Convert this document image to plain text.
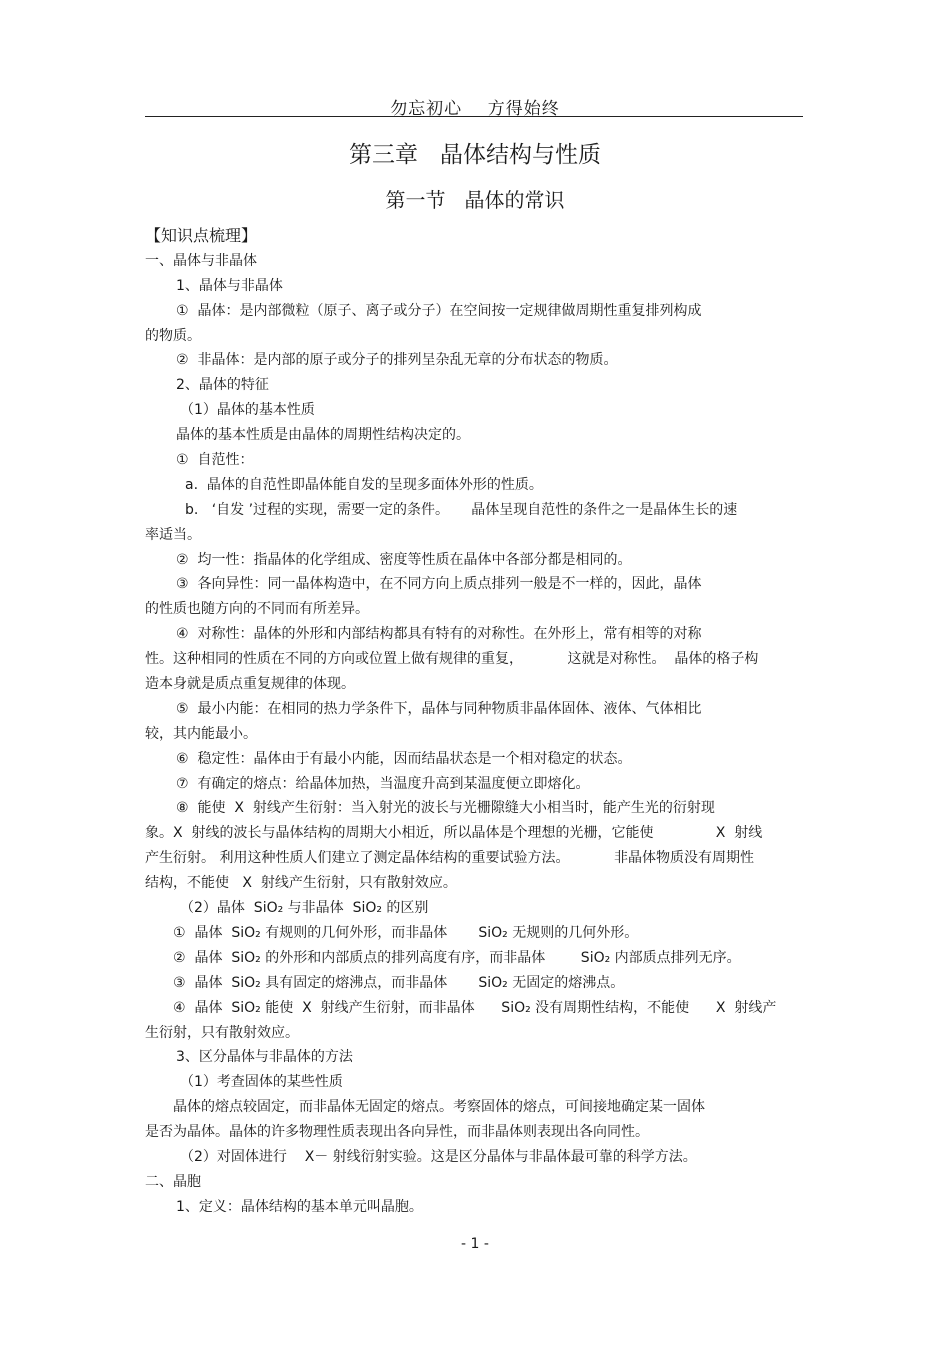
勿忘初心    方得始终
第三章   晶体结构与性质
第一节   晶体的常识
【知识点梳理】
一、晶体与非晶体
1、晶体与非晶体
①  晶体：是内部微粒（原子、离子或分子）在空间按一定规律做周期性重复排列构成
的物质。
②  非晶体：是内部的原子或分子的排列呈杂乱无章的分布状态的物质。
2、晶体的特征
（1）晶体的基本性质
晶体的基本性质是由晶体的周期性结构决定的。
①  自范性：
a.  晶体的自范性即晶体能自发的呈现多面体外形的性质。
b.   ‘自发 ’过程的实现，需要一定的条件。     晶体呈现自范性的条件之一是晶体生长的速
率适当。
②  均一性：指晶体的化学组成、密度等性质在晶体中各部分都是相同的。
③  各向异性：同一晶体构造中，在不同方向上质点排列一般是不一样的，因此，晶体
的性质也随方向的不同而有所差异。
④  对称性：晶体的外形和内部结构都具有特有的对称性。在外形上，常有相等的对称
性。这种相同的性质在不同的方向或位置上做有规律的重复，          这就是对称性。  晶体的格子构
造本身就是质点重复规律的体现。
⑤  最小内能：在相同的热力学条件下，晶体与同种物质非晶体固体、液体、气体相比
较，其内能最小。
⑥  稳定性：晶体由于有最小内能，因而结晶状态是一个相对稳定的状态。
⑦  有确定的熔点：给晶体加热，当温度升高到某温度便立即熔化。
⑧  能使  X  射线产生衍射：当入射光的波长与光栅隙缝大小相当时，能产生光的衍射现
象。X  射线的波长与晶体结构的周期大小相近，所以晶体是个理想的光栅，它能使              X  射线
产生衍射。 利用这种性质人们建立了测定晶体结构的重要试验方法。          非晶体物质没有周期性
结构，不能使   X  射线产生衍射，只有散射效应。
（2）晶体  SiO₂ 与非晶体  SiO₂ 的区别
①  晶体  SiO₂ 有规则的几何外形，而非晶体       SiO₂ 无规则的几何外形。
②  晶体  SiO₂ 的外形和内部质点的排列高度有序，而非晶体        SiO₂ 内部质点排列无序。
③  晶体  SiO₂ 具有固定的熔沸点，而非晶体       SiO₂ 无固定的熔沸点。
④  晶体  SiO₂ 能使  X  射线产生衍射，而非晶体      SiO₂ 没有周期性结构，不能使      X  射线产
生衍射，只有散射效应。
3、区分晶体与非晶体的方法
（1）考查固体的某些性质
晶体的熔点较固定，而非晶体无固定的熔点。考察固体的熔点，可间接地确定某一固体
是否为晶体。晶体的许多物理性质表现出各向异性，而非晶体则表现出各向同性。
（2）对固体进行    X－ 射线衍射实验。这是区分晶体与非晶体最可靠的科学方法。
二、晶胞
1、定义：晶体结构的基本单元叫晶胞。
- 1 -
